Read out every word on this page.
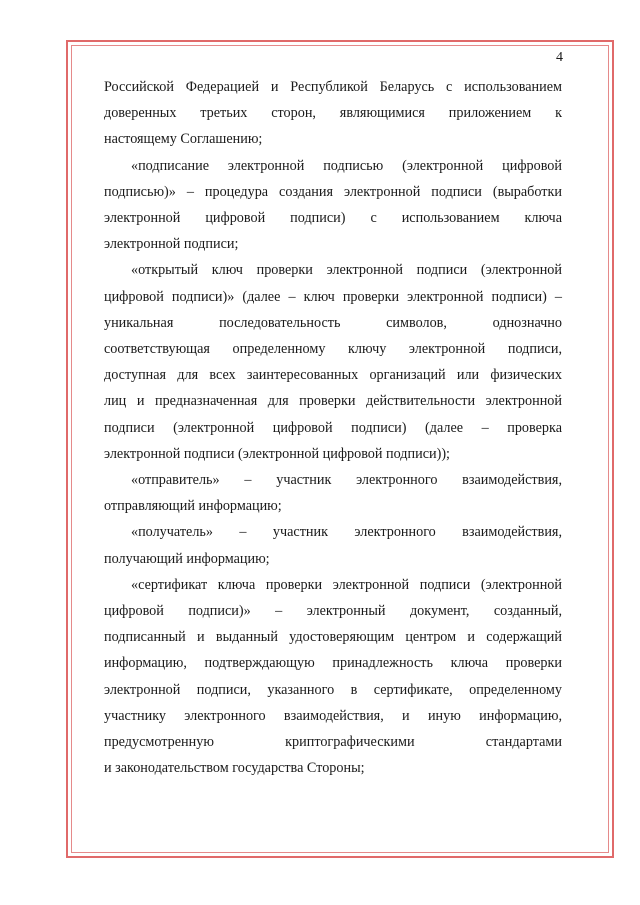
4

Российской Федерацией и Республикой Беларусь с использованием

доверенных третьих сторон, являющимися приложением к

настоящему Соглашению;

«подписание электронной подписью (электронной цифровой

подписью)» – процедура создания электронной подписи (выработки

электронной цифровой подписи) с использованием ключа

электронной подписи;

«открытый ключ проверки электронной подписи (электронной

цифровой подписи)» (далее – ключ проверки электронной подписи) –

уникальная последовательность символов, однозначно

соответствующая определенному ключу электронной подписи,

доступная для всех заинтересованных организаций или физических

лиц и предназначенная для проверки действительности электронной

подписи (электронной цифровой подписи) (далее – проверка

электронной подписи (электронной цифровой подписи));

«отправитель» – участник электронного взаимодействия,

отправляющий информацию;

«получатель» – участник электронного взаимодействия,

получающий информацию;

«сертификат ключа проверки электронной подписи (электронной

цифровой подписи)» – электронный документ, созданный,

подписанный и выданный удостоверяющим центром и содержащий

информацию, подтверждающую принадлежность ключа проверки

электронной подписи, указанного в сертификате, определенному

участнику электронного взаимодействия, и иную информацию,

предусмотренную криптографическими стандартами

и законодательством государства Стороны;
